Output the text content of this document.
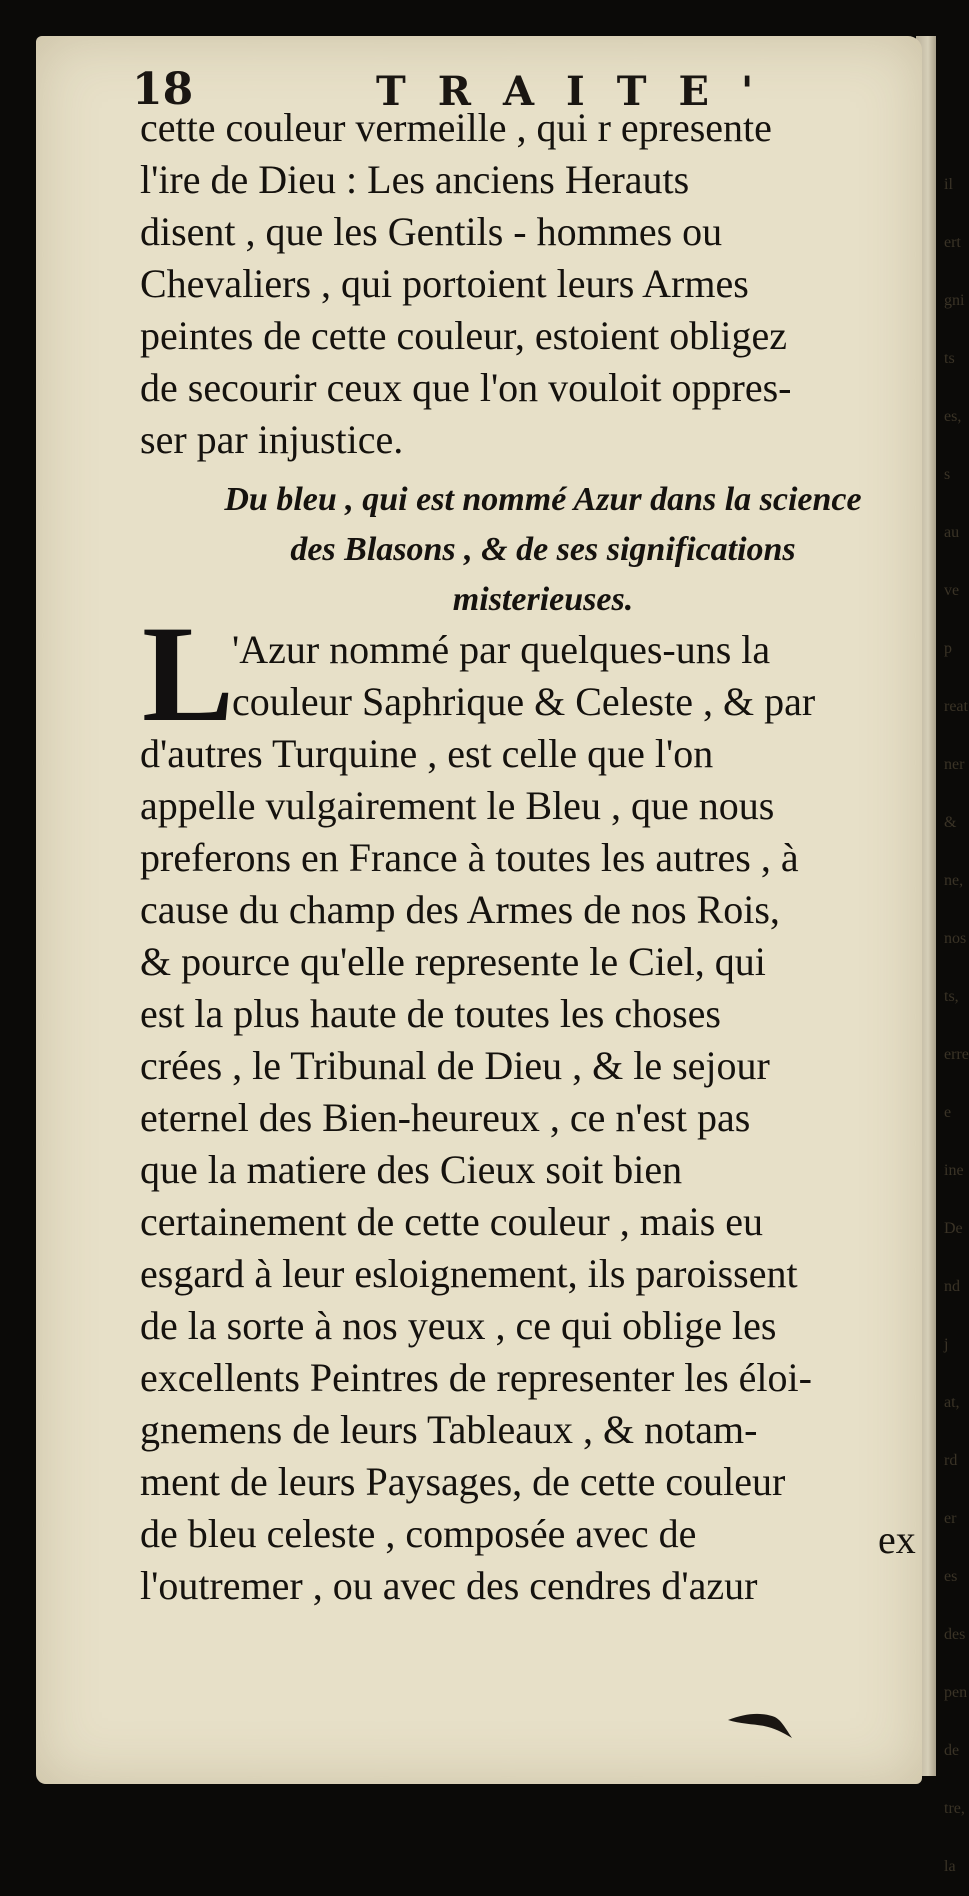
18	TRAITE'
cette couleur vermeille , qui r epresente
l'ire de Dieu : Les anciens Herauts
disent , que les Gentils - hommes ou
Chevaliers , qui portoient leurs Armes
peintes de cette couleur, estoient obligez
de secourir ceux que l'on vouloit oppres-
ser par injustice.
Du bleu , qui est nommé Azur dans la science
des Blasons , & de ses significations
misterieuses.
L
'Azur nommé par quelques-uns la
couleur Saphrique & Celeste , & par
d'autres Turquine , est celle que l'on
appelle vulgairement le Bleu , que nous
preferons en France à toutes les autres , à
cause du champ des Armes de nos Rois,
& pource qu'elle represente le Ciel, qui
est la plus haute de toutes les choses
crées , le Tribunal de Dieu , & le sejour
eternel des Bien-heureux , ce n'est pas
que la matiere des Cieux soit bien
certainement de cette couleur , mais eu
esgard à leur esloignement, ils paroissent
de la sorte à nos yeux , ce qui oblige les
excellents Peintres de representer les éloi-
gnemens de leurs Tableaux , & notam-
ment de leurs Paysages, de cette couleur
de bleu celeste , composée avec de
l'outremer , ou avec des cendres d'azur
ex
il
ert
gni
ts
es,
s au
ve p
reat
ner
&
ne,
nos
ts,
erre
e
ine
De
nd
j
at,
rd
er
es
des
pen
de
tre,
la
